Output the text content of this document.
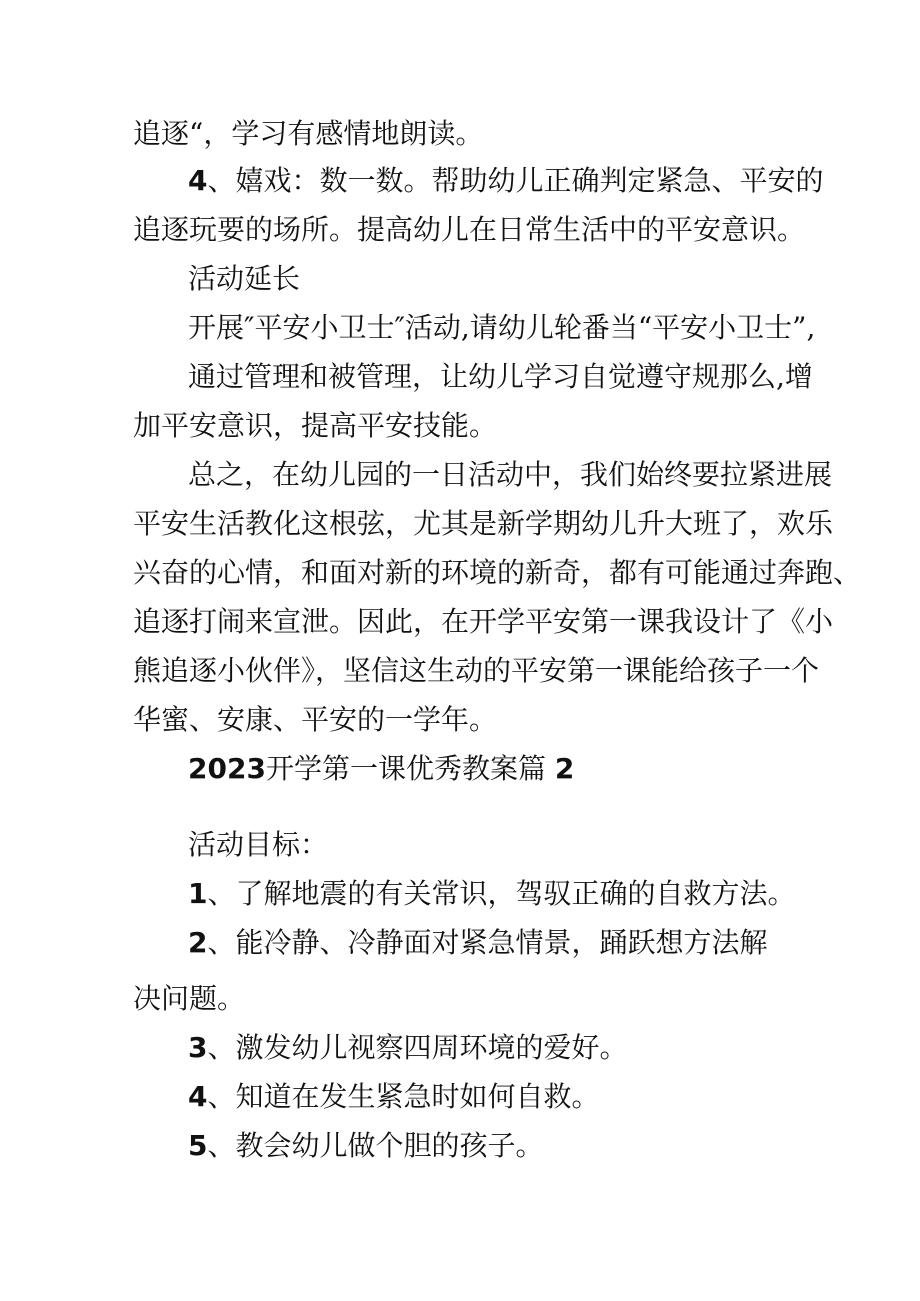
追逐“，学习有感情地朗读。
4、嬉戏：数一数。帮助幼儿正确判定紧急、平安的
追逐玩要的场所。提高幼儿在日常生活中的平安意识。
活动延长
开展″平安小卫士″活动,请幼儿轮番当“平安小卫士”,
通过管理和被管理，让幼儿学习自觉遵守规那么,增
加平安意识，提高平安技能。
总之，在幼儿园的一日活动中，我们始终要拉紧进展
平安生活教化这根弦，尤其是新学期幼儿升大班了，欢乐
兴奋的心情，和面对新的环境的新奇，都有可能通过奔跑、
追逐打闹来宣泄。因此，在开学平安第一课我设计了《小
熊追逐小伙伴》，坚信这生动的平安第一课能给孩子一个
华蜜、安康、平安的一学年。
2023开学第一课优秀教案篇 2
活动目标：
1、了解地震的有关常识，驾驭正确的自救方法。
2、能冷静、冷静面对紧急情景，踊跃想方法解
决问题。
3、激发幼儿视察四周环境的爱好。
4、知道在发生紧急时如何自救。
5、教会幼儿做个胆的孩子。
